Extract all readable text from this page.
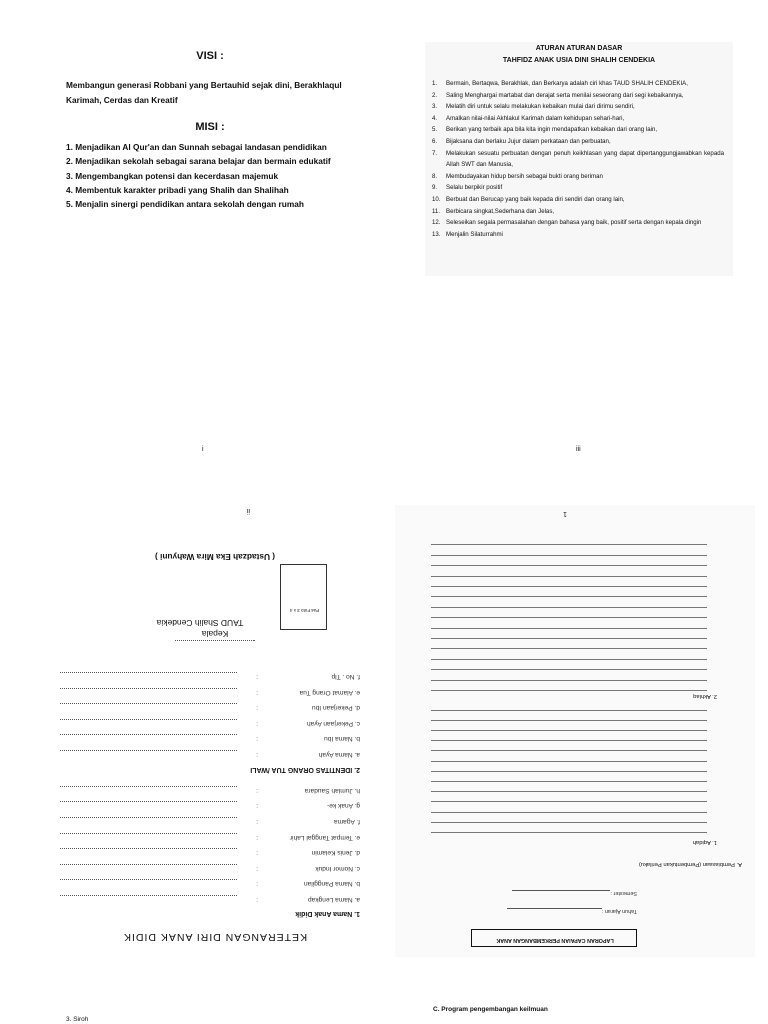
VISI :
Membangun generasi Robbani yang Bertauhid sejak dini, Berakhlaqul Karimah, Cerdas dan Kreatif
MISI :
1. Menjadikan Al Qur'an dan Sunnah sebagai landasan pendidikan
2. Menjadikan sekolah sebagai sarana belajar dan bermain edukatif
3. Mengembangkan potensi dan kecerdasan majemuk
4. Membentuk karakter pribadi yang Shalih dan Shalihah
5. Menjalin sinergi pendidikan antara sekolah dengan rumah
ATURAN ATURAN DASAR
TAHFIDZ ANAK USIA DINI SHALIH CENDEKIA
1.	Bermain, Bertaqwa, Berakhlak, dan Berkarya adalah ciri khas TAUD SHALIH CENDEKIA,
2.	Saling Menghargai martabat dan derajat serta menilai seseorang dari segi kebaikannya,
3.	Melatih diri untuk selalu melakukan kebaikan mulai dari dirimu sendiri,
4.	Amalkan nilai-nilai Akhlakul Karimah dalam kehidupan sehari-hari,
5.	Berikan yang terbaik apa bila kita ingin mendapatkan kebaikan dari orang lain,
6.	Bijaksana dan berlaku Jujur dalam perkataan dan perbuatan,
7.	Melakukan sesuatu perbuatan dengan penuh keikhlasan yang dapat dipertanggungjawabkan kepada Allah SWT dan Manusia,
8.	Membudayakan hidup bersih sebagai bukti orang beriman
9.	Selalu berpikir positif
10. Berbuat dan Berucap yang baik kepada diri sendiri dan orang lain,
11. Berbicara singkat,Sederhana dan Jelas,
12. Seleseikan segala permasalahan dengan bahasa yang baik, positif serta dengan kepala dingin
13. Menjalin Silaturrahmi
i	iii
KETERANGAN DIRI ANAK DIDIK
1. Nama Anak Didik
a. Nama Lengkap
:
b. Nama Panggilan
:
c. Nomor Induk
:
d. Jenis Kelamin
:
e. Tempat Tanggal Lahir
:
f. Agama
:
g. Anak ke-
:
h. Jumlah Saudara
:
2. IDENTITAS ORANG TUA /WALI
a. Nama Ayah
:
b. Nama Ibu
:
c. Pekerjaan Ayah
:
d. Pekerjaan Ibu
:
e. Alamat Orang Tua
:
f. No . Tlp
:
Kepala
TAUD Shalih Cendekia
Pas Foto 3 x 4
( Ustadzah Eka Mira Wahyuni )
ii
LAPORAN CAPAIAN PERKEMBANGAN ANAK
Tahun Ajaran :
Semester :
A. Pembiasaan (Pembentukan Perilaku)
1. Aqidah
2. Akhlaq
1
3. Siroh
C. Program pengembangan keilmuan
